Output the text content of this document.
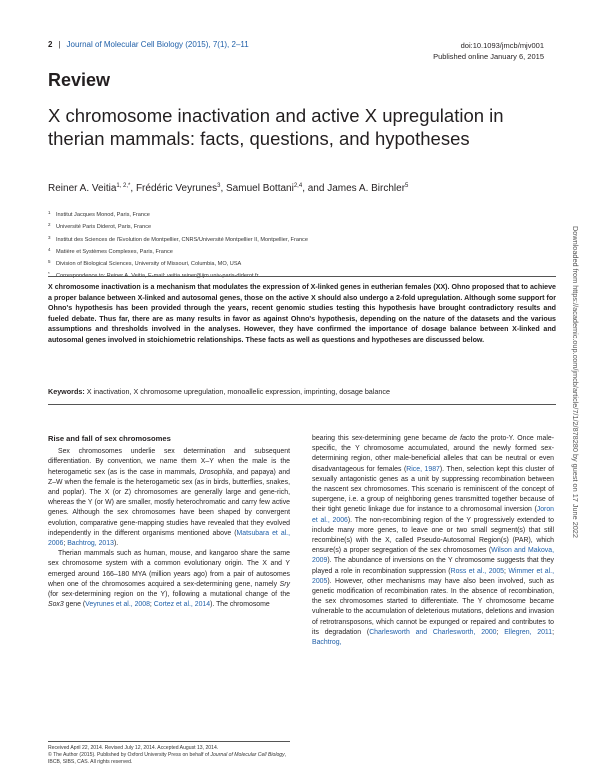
2 | Journal of Molecular Cell Biology (2015), 7(1), 2–11	doi:10.1093/jmcb/mjv001
Published online January 6, 2015
Review
X chromosome inactivation and active X upregulation in therian mammals: facts, questions, and hypotheses
Reiner A. Veitia$^{1, 2,*}$, Frédéric Veyrunes$^3$, Samuel Bottani$^{2,4}$, and James A. Birchler$^5$
$^1$ Institut Jacques Monod, Paris, France
$^2$ Université Paris Diderot, Paris, France
$^3$ Institut des Sciences de l'Evolution de Montpellier, CNRS/Université Montpellier II, Montpellier, France
$^4$ Matière et Systèmes Complexes, Paris, France
$^5$ Division of Biological Sciences, University of Missouri, Columbia, MO, USA
* Correspondence to: Reiner A. Veitia, E-mail: veitia.reiner@ijm.univ-paris-diderot.fr
X chromosome inactivation is a mechanism that modulates the expression of X-linked genes in eutherian females (XX). Ohno proposed that to achieve a proper balance between X-linked and autosomal genes, those on the active X should also undergo a 2-fold upregulation. Although some support for Ohno's hypothesis has been provided through the years, recent genomic studies testing this hypothesis have brought contradictory results and fueled debate. Thus far, there are as many results in favor as against Ohno's hypothesis, depending on the nature of the datasets and the various assumptions and thresholds involved in the analyses. However, they have confirmed the importance of dosage balance between X-linked and autosomal genes involved in stoichiometric relationships. These facts as well as questions and hypotheses are discussed below.
Keywords: X inactivation, X chromosome upregulation, monoallelic expression, imprinting, dosage balance	Downloaded from https://academic.oup.com/jmcb/article/7/1/2/878280 by guest on 17 June 2022
Rise and fall of sex chromosomes

Sex chromosomes underlie sex determination and subsequent differentiation. By convention, we name them X–Y when the male is the heterogametic sex (as is the case in mammals, Drosophila, and papaya) and Z–W when the female is the heterogametic sex (as in birds, butterflies, snakes, and poplar). The X (or Z) chromosomes are generally large and gene-rich, whereas the Y (or W) are smaller, mostly heterochromatic and carry few active genes. Although the sex chromosomes have been shaped by convergent evolution, comparative gene-mapping studies have revealed that they evolved independently in the different organisms mentioned above (Matsubara et al., 2006; Bachtrog, 2013).

Therian mammals such as human, mouse, and kangaroo share the same sex chromosome system with a common evolutionary origin. The X and Y emerged around 166–180 MYA (million years ago) from a pair of autosomes when one of the chromosomes acquired a sex-determining gene, namely Sry (for sex-determining region on the Y), following a mutational change of the Sox3 gene (Veyrunes et al., 2008; Cortez et al., 2014). The chromosome

bearing this sex-determining gene became de facto the proto-Y. Once male-specific, the Y chromosome accumulated, around the newly formed sex-determining region, other male-beneficial alleles that can be neutral or even disadvantageous for females (Rice, 1987). Then, selection kept this cluster of sexually antagonistic genes as a unit by suppressing recombination between the nascent sex chromosomes. This scenario is reminiscent of the concept of supergene, i.e. a group of neighboring genes transmitted together because of their tight genetic linkage due for instance to a chromosomal inversion (Joron et al., 2006). The non-recombining region of the Y progressively extended to include many more genes, to leave one or two small segment(s) that still recombine(s) with the X, called Pseudo-Autosomal Region(s) (PAR), which ensure(s) a proper segregation of the sex chromosomes (Wilson and Makova, 2009). The abundance of inversions on the Y chromosome suggests that they played a role in recombination suppression (Ross et al., 2005; Wimmer et al., 2005). However, other mechanisms may have also been involved, such as genetic modification of recombination rates. In the absence of recombination, the sex chromosomes started to differentiate. The Y chromosome became vulnerable to the accumulation of deleterious mutations, deletions and invasion of retrotransposons, which cannot be expunged or repaired and contributes to its degradation (Charlesworth and Charlesworth, 2000; Ellegren, 2011; Bachtrog,

Received April 22, 2014. Revised July 12, 2014. Accepted August 13, 2014.
© The Author (2015). Published by Oxford University Press on behalf of Journal of Molecular Cell Biology, IBCB, SIBS, CAS. All rights reserved.
